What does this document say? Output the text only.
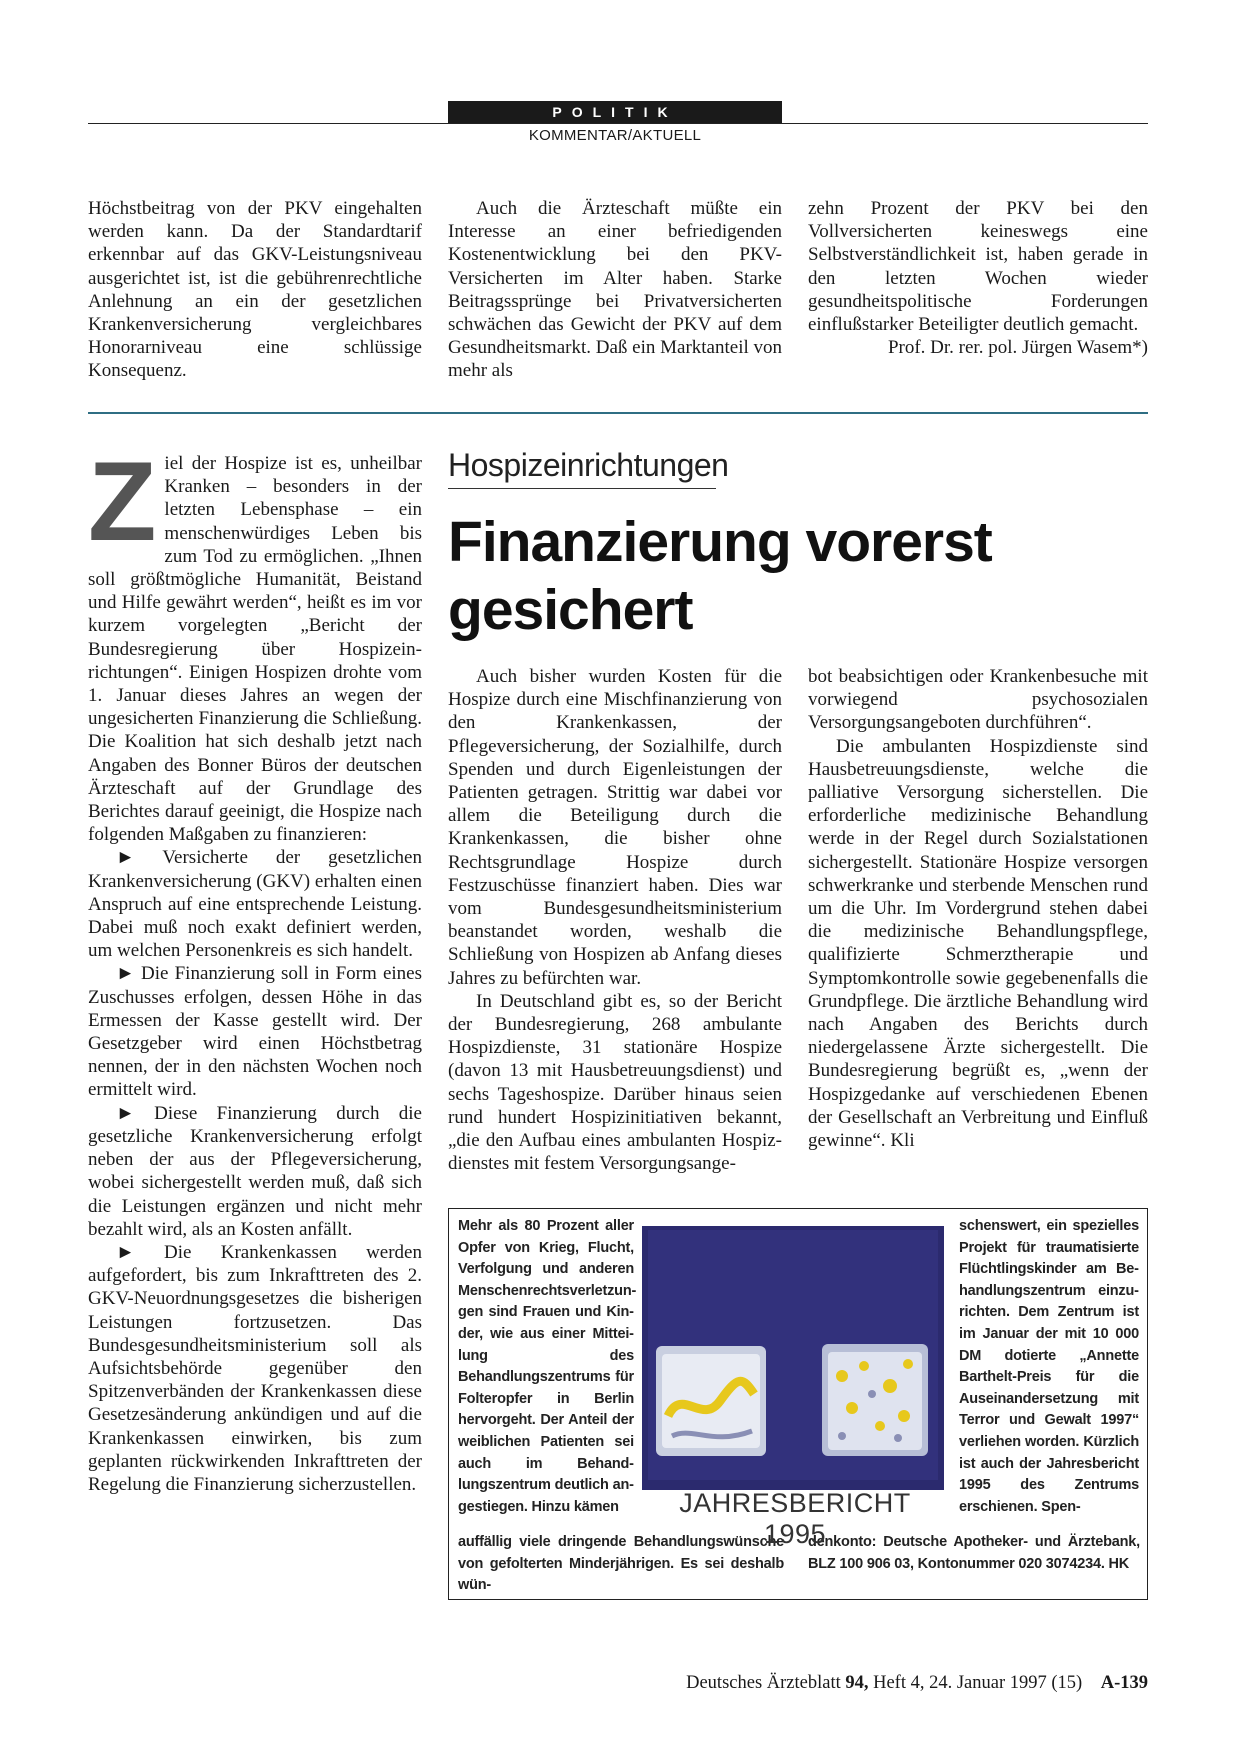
POLITIK
KOMMENTAR/AKTUELL

Höchstbeitrag von der PKV eingehalten werden kann. Da der Standardtarif erkennbar auf das GKV-Leistungsniveau ausgerichtet ist, ist die gebührenrechtliche Anlehnung an ein der gesetzlichen Krankenversicherung vergleichbares Honorarniveau eine schlüssige Konsequenz.

Auch die Ärzteschaft müßte ein Interesse an einer befriedigenden Kostenentwicklung bei den PKV-Versicherten im Alter haben. Starke Beitragssprünge bei Privatversicherten schwächen das Gewicht der PKV auf dem Gesundheitsmarkt. Daß ein Marktanteil von mehr als

zehn Prozent der PKV bei den Vollversicherten keineswegs eine Selbstverständlichkeit ist, haben gerade in den letzten Wochen wieder gesundheitspolitische Forderungen einflußstarker Beteiligter deutlich gemacht.

Prof. Dr. rer. pol. Jürgen Wasem*)

Z iel der Hospize ist es, unheilbar Kranken – besonders in der letzten Lebensphase – ein menschenwürdiges Leben bis zum Tod zu ermöglichen. „Ihnen soll größtmögliche Humanität, Beistand und Hilfe gewährt werden“, heißt es im vor kurzem vorgelegten „Bericht der Bundesregierung über Hospizeinrichtungen“. Einigen Hospizen drohte vom 1. Januar dieses Jahres an wegen der ungesicherten Finanzierung die Schließung. Die Koalition hat sich deshalb jetzt nach Angaben des Bonner Büros der deutschen Ärzteschaft auf der Grundlage des Berichtes darauf geeinigt, die Hospize nach folgenden Maßgaben zu finanzieren:

► Versicherte der gesetzlichen Krankenversicherung (GKV) erhalten einen Anspruch auf eine entsprechende Leistung. Dabei muß noch exakt definiert werden, um welchen Personenkreis es sich handelt.

► Die Finanzierung soll in Form eines Zuschusses erfolgen, dessen Höhe in das Ermessen der Kasse gestellt wird. Der Gesetzgeber wird einen Höchstbetrag nennen, der in den nächsten Wochen noch ermittelt wird.

► Diese Finanzierung durch die gesetzliche Krankenversicherung erfolgt neben der aus der Pflegeversicherung, wobei sichergestellt werden muß, daß sich die Leistungen ergänzen und nicht mehr bezahlt wird, als an Kosten anfällt.

► Die Krankenkassen werden aufgefordert, bis zum Inkrafttreten des 2. GKV-Neuordnungsgesetzes die bisherigen Leistungen fortzusetzen. Das Bundesgesundheitsministerium soll als Aufsichtsbehörde gegenüber den Spitzenverbänden der Krankenkassen diese Gesetzesänderung ankündigen und auf die Krankenkassen einwirken, bis zum geplanten rückwirkenden Inkrafttreten der Regelung die Finanzierung sicherzustellen.

Hospizeinrichtungen
Finanzierung vorerst gesichert

Auch bisher wurden Kosten für die Hospize durch eine Mischfinanzierung von den Krankenkassen, der Pflegeversicherung, der Sozialhilfe, durch Spenden und durch Eigenleistungen der Patienten getragen. Strittig war dabei vor allem die Beteiligung durch die Krankenkassen, die bisher ohne Rechtsgrundlage Hospize durch Festzuschüsse finanziert haben. Dies war vom Bundesgesundheitsministerium beanstandet worden, weshalb die Schließung von Hospizen ab Anfang dieses Jahres zu befürchten war.

In Deutschland gibt es, so der Bericht der Bundesregierung, 268 ambulante Hospizdienste, 31 stationäre Hospize (davon 13 mit Hausbetreuungsdienst) und sechs Tageshospize. Darüber hinaus seien rund hundert Hospizinitiativen bekannt, „die den Aufbau eines ambulanten Hospizdienstes mit festem Versorgungsange-

bot beabsichtigen oder Krankenbesuche mit vorwiegend psychosozialen Versorgungsangeboten durchführen“.

Die ambulanten Hospizdienste sind Hausbetreuungsdienste, welche die palliative Versorgung sicherstellen. Die erforderliche medizinische Behandlung werde in der Regel durch Sozialstationen sichergestellt. Stationäre Hospize versorgen schwerkranke und sterbende Menschen rund um die Uhr. Im Vordergrund stehen dabei die medizinische Behandlungspflege, qualifizierte Schmerztherapie und Symptomkontrolle sowie gegebenenfalls die Grundpflege. Die ärztliche Behandlung wird nach Angaben des Berichts durch niedergelassene Ärzte sichergestellt. Die Bundesregierung begrüßt es, „wenn der Hospizgedanke auf verschiedenen Ebenen der Gesellschaft an Verbreitung und Einfluß gewinne“. Kli

Mehr als 80 Prozent aller Opfer von Krieg, Flucht, Verfolgung und anderen Menschenrechtsverletzungen sind Frauen und Kinder, wie aus einer Mitteilung des Behandlungszentrums für Folteropfer in Berlin hervorgeht. Der Anteil der weiblichen Patienten sei auch im Behandlungszentrum deutlich angestiegen. Hinzu kämen
schenswert, ein spezielles Projekt für traumatisierte Flüchtlingskinder am Behandlungszentrum einzurichten. Dem Zentrum ist im Januar der mit 10 000 DM dotierte „Annette Barthelt-Preis für die Auseinandersetzung mit Terror und Gewalt 1997“ verliehen worden. Kürzlich ist auch der Jahresbericht 1995 des Zentrums erschienen. Spen-
auffällig viele dringende Behandlungswünsche von gefolterten Minderjährigen. Es sei deshalb wün-
denkonto: Deutsche Apotheker- und Ärztebank, BLZ 100 906 03, Kontonummer 020 3074234. HK
JAHRESBERICHT 1995
Deutsches Ärzteblatt 94, Heft 4, 24. Januar 1997 (15) A-139
